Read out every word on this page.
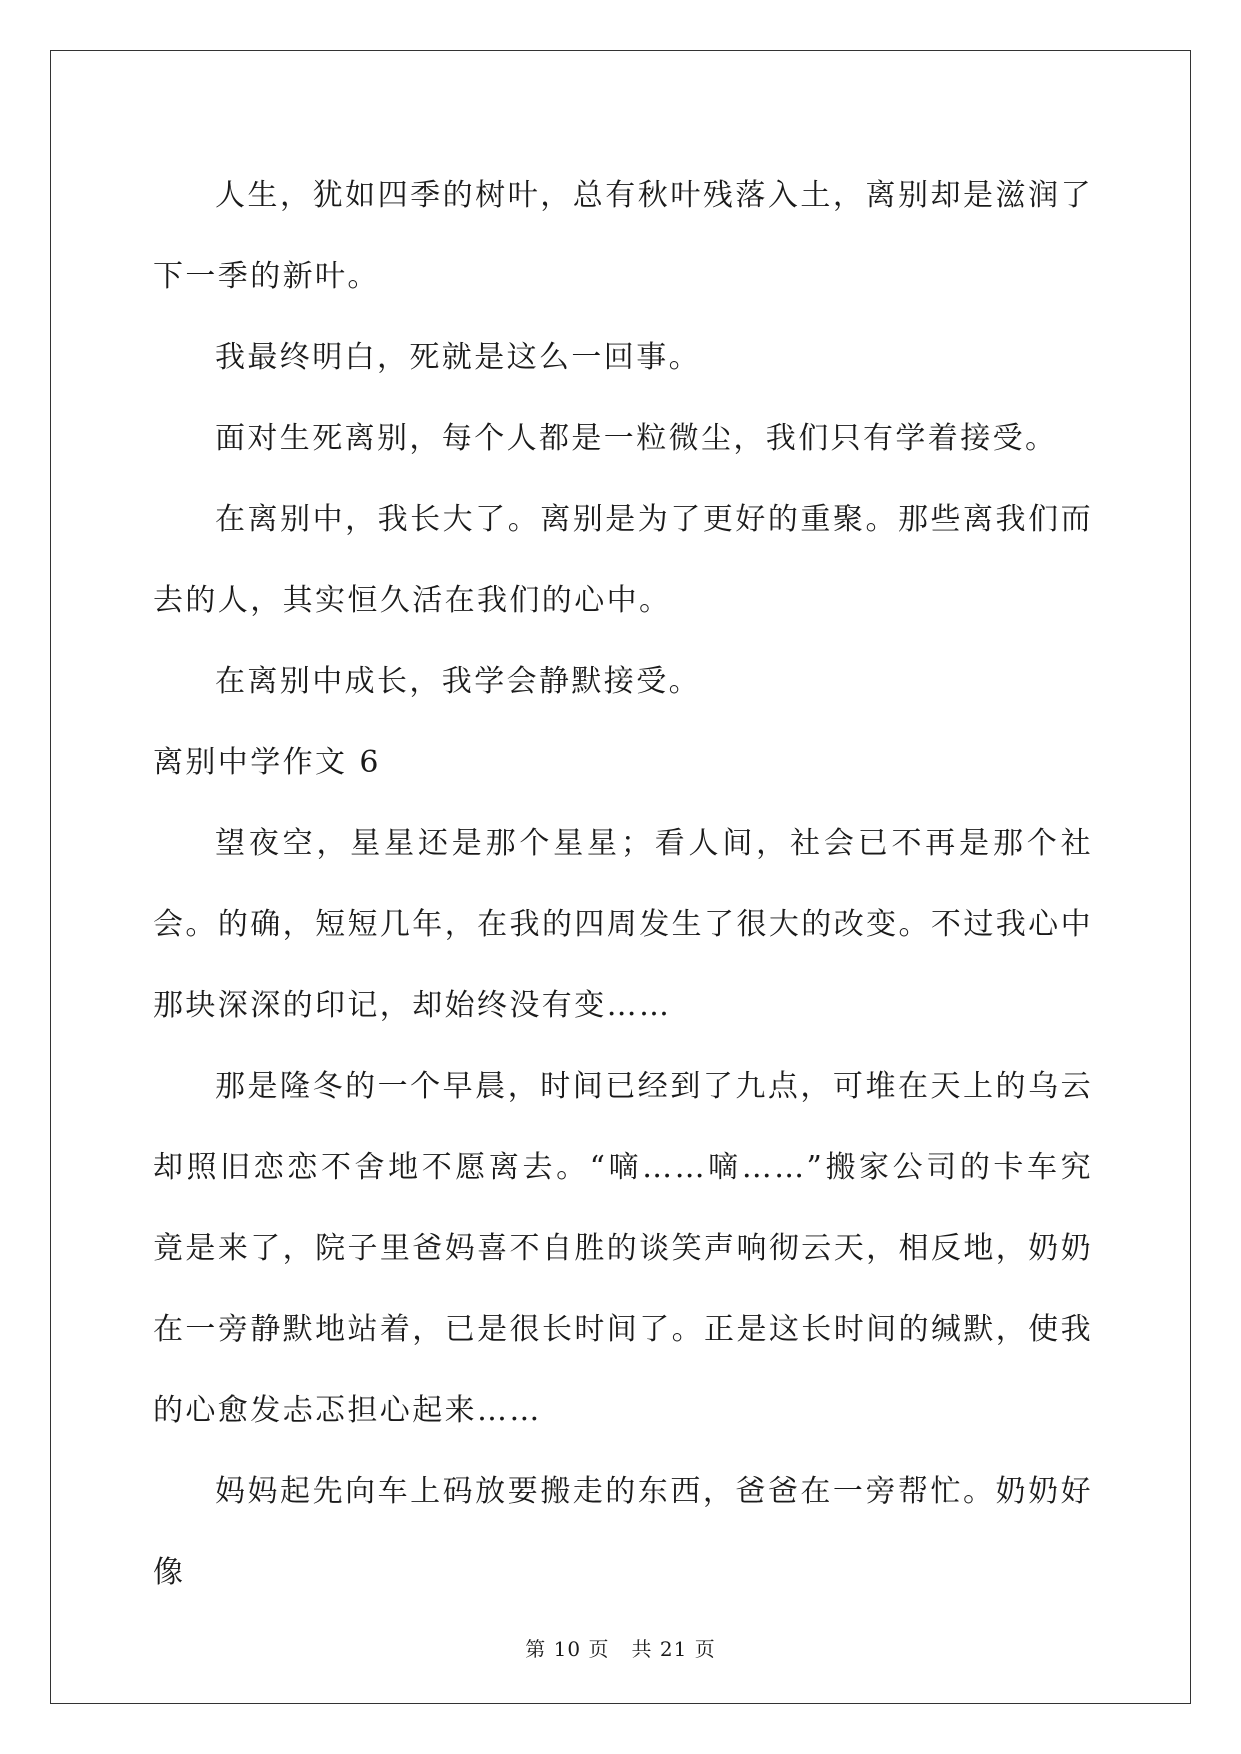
人生，犹如四季的树叶，总有秋叶残落入土，离别却是滋润了下一季的新叶。

我最终明白，死就是这么一回事。

面对生死离别，每个人都是一粒微尘，我们只有学着接受。

在离别中，我长大了。离别是为了更好的重聚。那些离我们而去的人，其实恒久活在我们的心中。

在离别中成长，我学会静默接受。

离别中学作文 6

望夜空，星星还是那个星星；看人间，社会已不再是那个社会。的确，短短几年，在我的四周发生了很大的改变。不过我心中那块深深的印记，却始终没有变……

那是隆冬的一个早晨，时间已经到了九点，可堆在天上的乌云却照旧恋恋不舍地不愿离去。“嘀……嘀……”搬家公司的卡车究竟是来了，院子里爸妈喜不自胜的谈笑声响彻云天，相反地，奶奶在一旁静默地站着，已是很长时间了。正是这长时间的缄默，使我的心愈发忐忑担心起来……

妈妈起先向车上码放要搬走的东西，爸爸在一旁帮忙。奶奶好像

第 10 页 共 21 页
